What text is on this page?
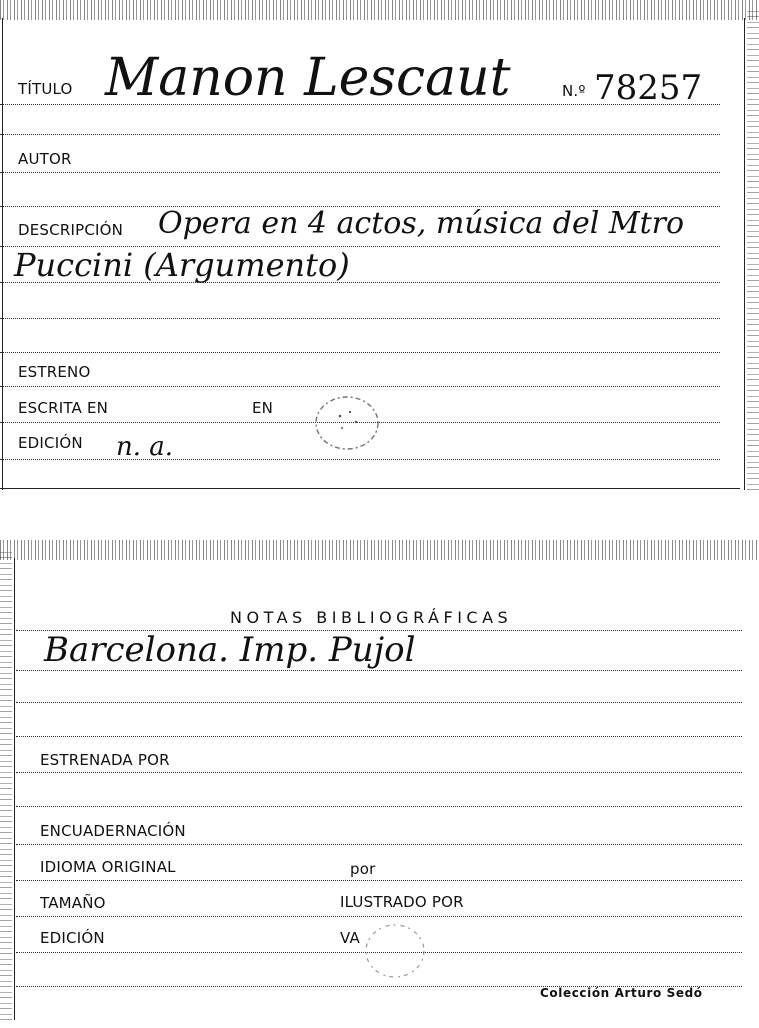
TÍTULO Manon Lescaut	N.º 78257
AUTOR
DESCRIPCIÓN Opera en 4 actos, música del Mtro
Puccini (Argumento)
ESTRENO
ESCRITA EN	EN
EDICIÓN n. a.
NOTAS BIBLIOGRÁFICAS
Barcelona. Imp. Pujol
ESTRENADA POR
ENCUADERNACIÓN
IDIOMA ORIGINAL	por
TAMAÑO	ILUSTRADO POR
EDICIÓN	VA
Colección Arturo Sedó
